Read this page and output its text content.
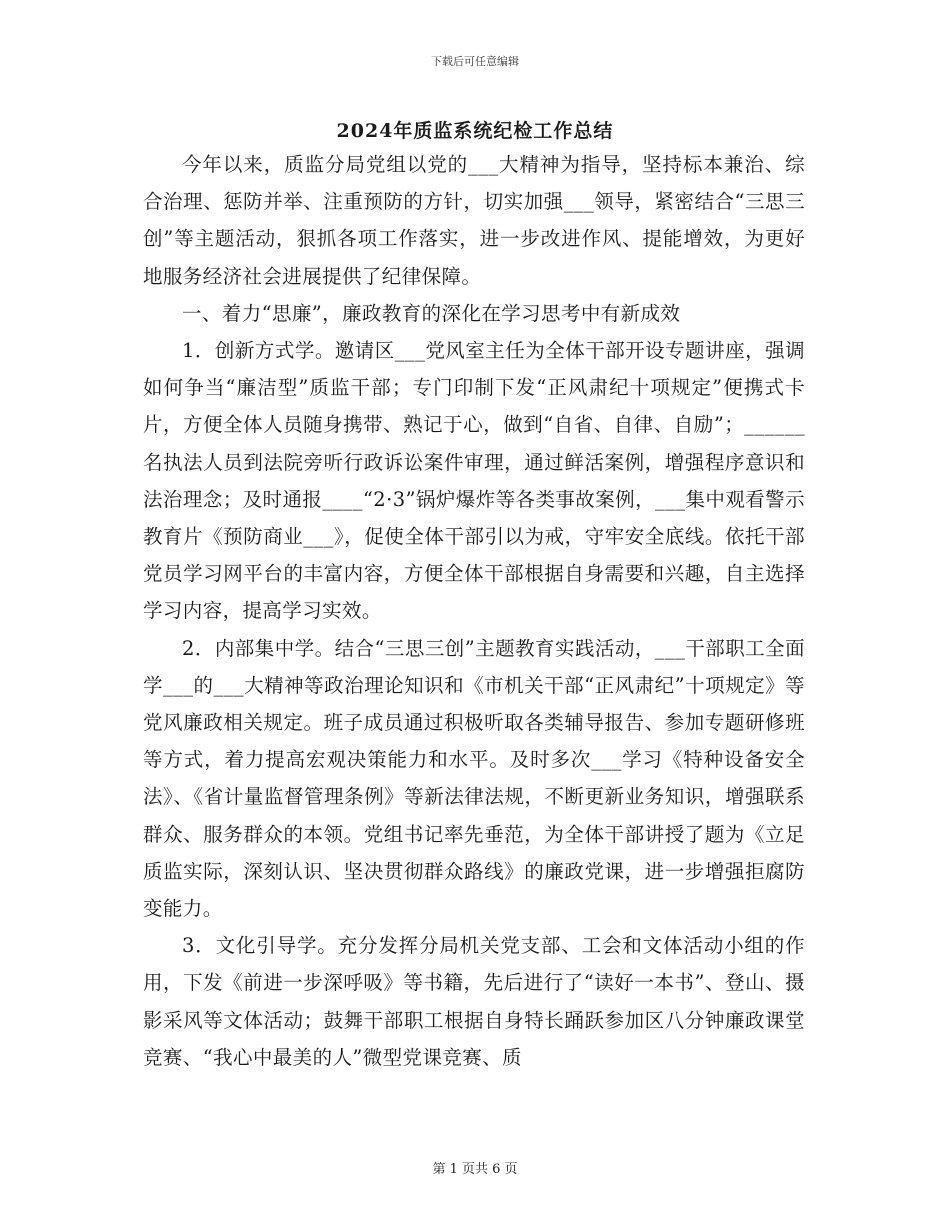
下载后可任意编辑
2024年质监系统纪检工作总结

今年以来，质监分局党组以党的___大精神为指导，坚持标本兼治、综合治理、惩防并举、注重预防的方针，切实加强___领导，紧密结合“三思三创”等主题活动，狠抓各项工作落实，进一步改进作风、提能增效，为更好地服务经济社会进展提供了纪律保障。

一、着力“思廉”，廉政教育的深化在学习思考中有新成效

1．创新方式学。邀请区___党风室主任为全体干部开设专题讲座，强调如何争当“廉洁型”质监干部；专门印制下发“正风肃纪十项规定”便携式卡片，方便全体人员随身携带、熟记于心，做到“自省、自律、自励”；______名执法人员到法院旁听行政诉讼案件审理，通过鲜活案例，增强程序意识和法治理念；及时通报____“2·3”锅炉爆炸等各类事故案例，___集中观看警示教育片《预防商业___》，促使全体干部引以为戒，守牢安全底线。依托干部党员学习网平台的丰富内容，方便全体干部根据自身需要和兴趣，自主选择学习内容，提高学习实效。

2．内部集中学。结合“三思三创”主题教育实践活动，___干部职工全面学___的___大精神等政治理论知识和《市机关干部“正风肃纪”十项规定》等党风廉政相关规定。班子成员通过积极听取各类辅导报告、参加专题研修班等方式，着力提高宏观决策能力和水平。及时多次___学习《特种设备安全法》、《省计量监督管理条例》等新法律法规，不断更新业务知识，增强联系群众、服务群众的本领。党组书记率先垂范，为全体干部讲授了题为《立足质监实际，深刻认识、坚决贯彻群众路线》的廉政党课，进一步增强拒腐防变能力。

3．文化引导学。充分发挥分局机关党支部、工会和文体活动小组的作用，下发《前进一步深呼吸》等书籍，先后进行了“读好一本书”、登山、摄影采风等文体活动；鼓舞干部职工根据自身特长踊跃参加区八分钟廉政课堂竞赛、“我心中最美的人”微型党课竞赛、质

第 1 页共 6 页
